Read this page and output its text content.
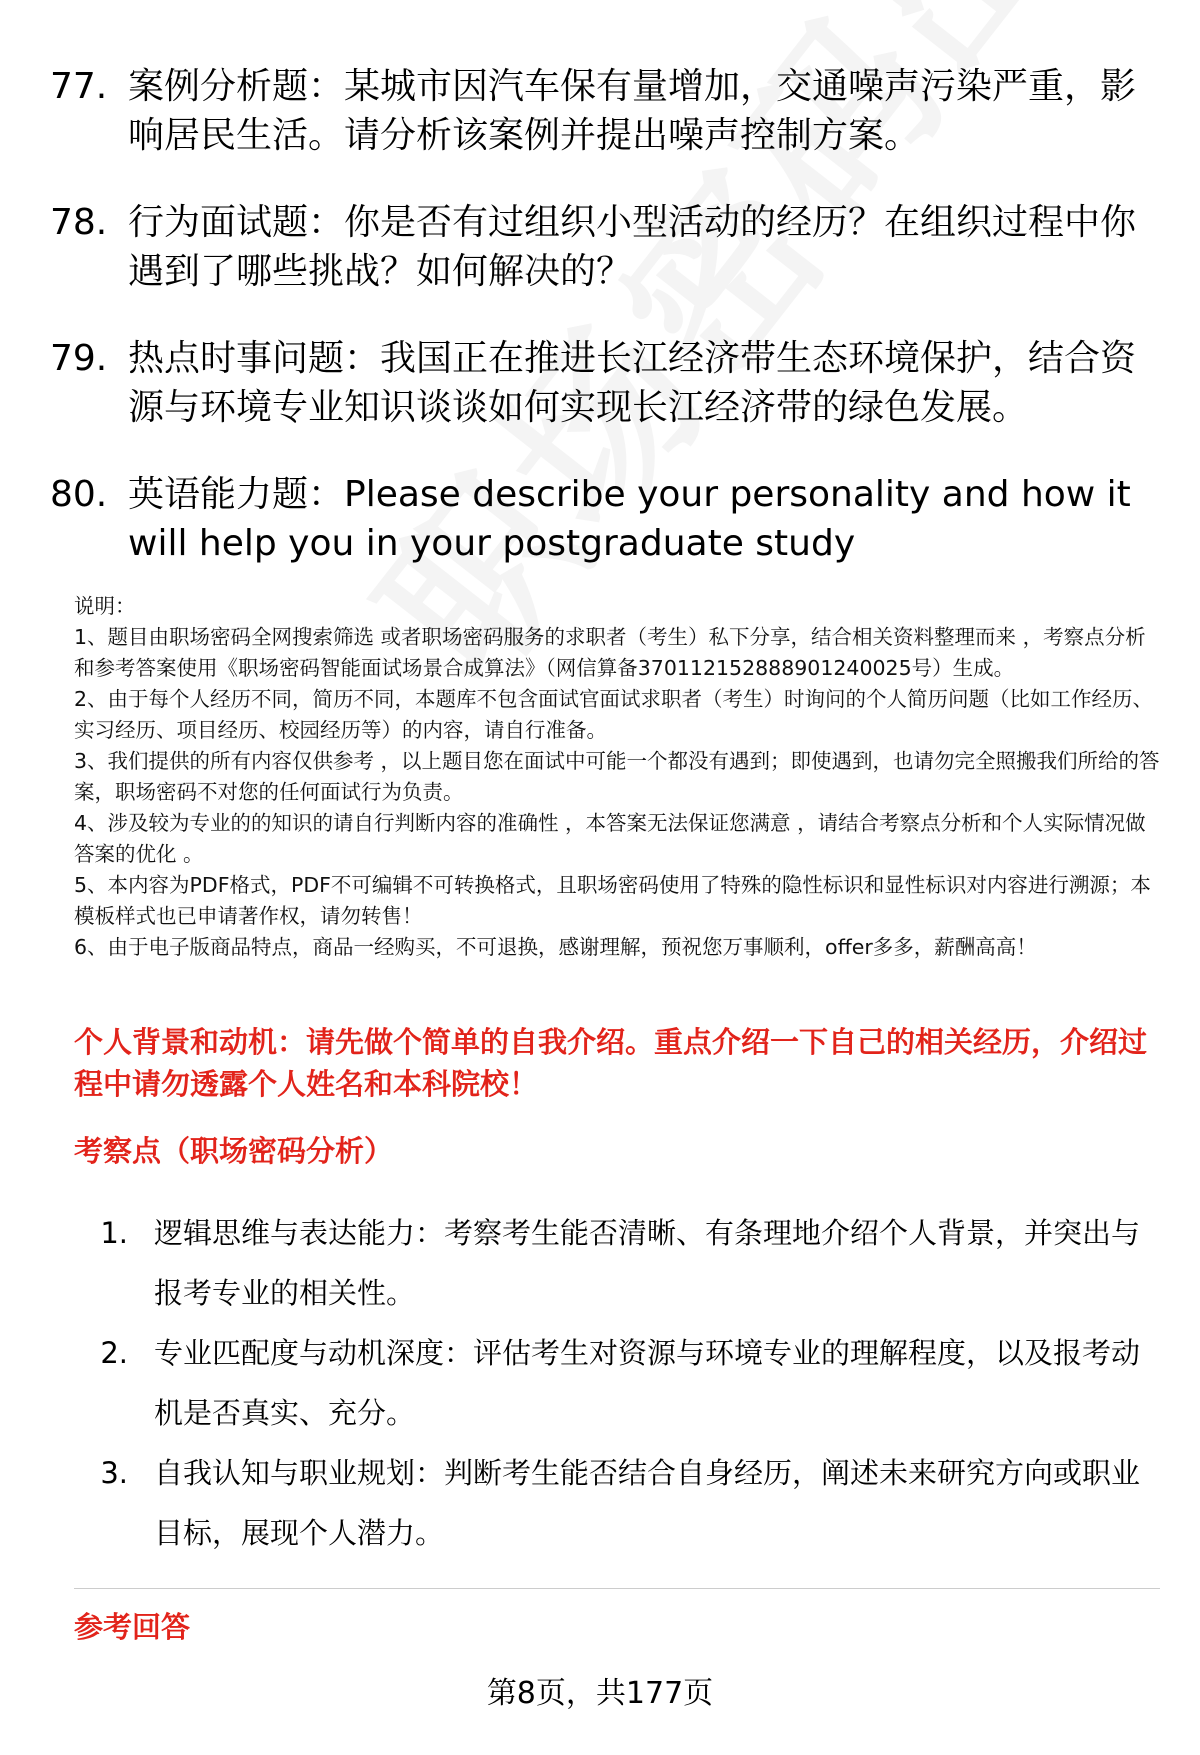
77. 案例分析题：某城市因汽车保有量增加，交通噪声污染严重，影响居民生活。请分析该案例并提出噪声控制方案。
78. 行为面试题：你是否有过组织小型活动的经历？在组织过程中你遇到了哪些挑战？如何解决的？
79. 热点时事问题：我国正在推进长江经济带生态环境保护，结合资源与环境专业知识谈谈如何实现长江经济带的绿色发展。
80. 英语能力题：Please describe your personality and how it will help you in your postgraduate study

说明：

1、题目由职场密码全网搜索筛选 或者职场密码服务的求职者（考生）私下分享，结合相关资料整理而来 ，考察点分析和参考答案使用《职场密码智能面试场景合成算法》（网信算备370112152888901240025号）生成。

2、由于每个人经历不同，简历不同，本题库不包含面试官面试求职者（考生）时询问的个人简历问题（比如工作经历、实习经历、项目经历、校园经历等）的内容，请自行准备。

3、我们提供的所有内容仅供参考 ，以上题目您在面试中可能一个都没有遇到；即使遇到，也请勿完全照搬我们所给的答案，职场密码不对您的任何面试行为负责。

4、涉及较为专业的的知识的请自行判断内容的准确性 ，本答案无法保证您满意 ，请结合考察点分析和个人实际情况做答案的优化 。

5、本内容为PDF格式，PDF不可编辑不可转换格式，且职场密码使用了特殊的隐性标识和显性标识对内容进行溯源；本模板样式也已申请著作权，请勿转售！

6、由于电子版商品特点，商品一经购买，不可退换，感谢理解，预祝您万事顺利，offer多多，薪酬高高！

个人背景和动机：请先做个简单的自我介绍。重点介绍一下自己的相关经历，介绍过程中请勿透露个人姓名和本科院校！
考察点（职场密码分析）
1. 逻辑思维与表达能力：考察考生能否清晰、有条理地介绍个人背景，并突出与报考专业的相关性。
2. 专业匹配度与动机深度：评估考生对资源与环境专业的理解程度，以及报考动机是否真实、充分。
3. 自我认知与职业规划：判断考生能否结合自身经历，阐述未来研究方向或职业目标，展现个人潜力。
参考回答
第8页，共177页
